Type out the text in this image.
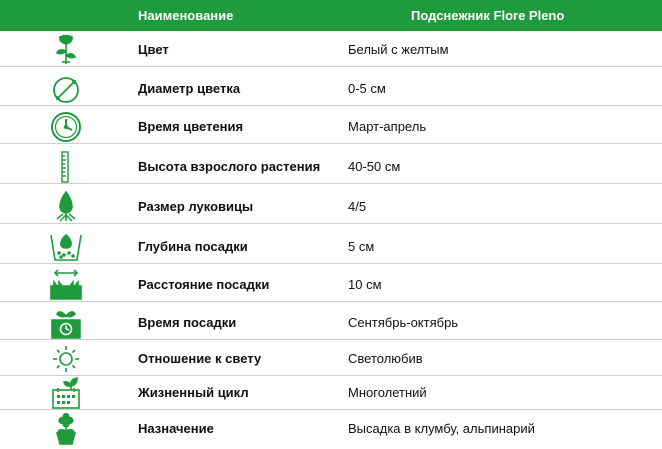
Наименование	Подснежник Flore Pleno
Цвет	Белый с желтым
Диаметр цветка	0-5 см
Время цветения	Март-апрель
Высота взрослого растения 40-50 см
Размер луковицы	4/5
Глубина посадки	5 см
Расстояние посадки	10 см
Время посадки	Сентябрь-октябрь
Отношение к свету	Светолюбив
Жизненный цикл	Многолетний
Назначение	Высадка в клумбу, альпинарий
